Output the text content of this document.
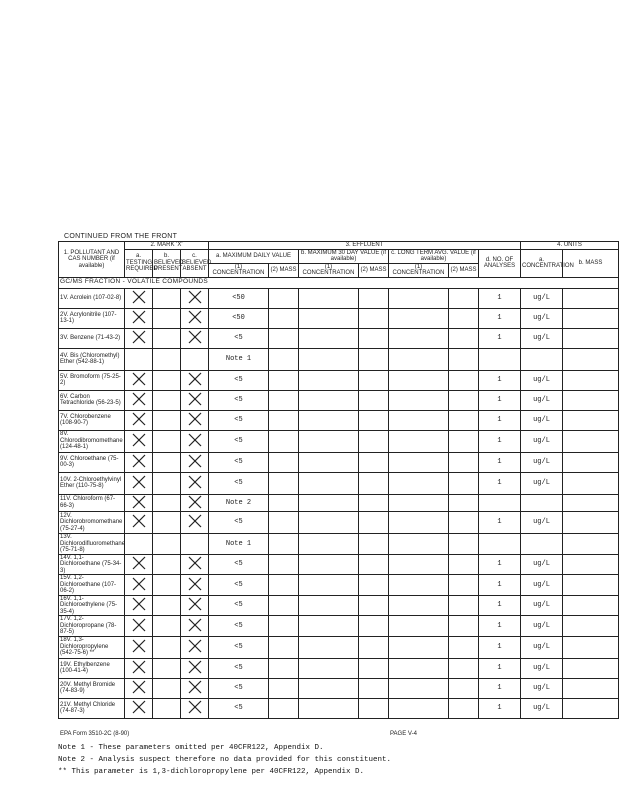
CONTINUED FROM THE FRONT
1. POLLUTANT AND CAS NUMBER (if available)	2. MARK 'X'			3. EFFLUENT							4. UNITS	
	a. TESTING REQUIRED	b. BELIEVED PRESENT	c. BELIEVED ABSENT	a. MAXIMUM DAILY VALUE		b. MAXIMUM 30 DAY VALUE (if available)		c. LONG TERM AVG. VALUE (if available)		d. NO. OF ANALYSES	a. CONCENTRATION	b. MASS
				(1) CONCENTRATION	(2) MASS	(1) CONCENTRATION	(2) MASS	(1) CONCENTRATION	(2) MASS			
GC/MS FRACTION - VOLATILE COMPOUNDS												
1V. Acrolein (107-02-8)				<50						1	ug/L	
2V. Acrylonitrile (107-13-1)				<50						1	ug/L	
3V. Benzene (71-43-2)				<5						1	ug/L	
4V. Bis (Chloromethyl) Ether (542-88-1)				Note 1								
5V. Bromoform (75-25-2)				<5						1	ug/L	
6V. Carbon Tetrachloride (56-23-5)				<5						1	ug/L	
7V. Chlorobenzene (108-90-7)				<5						1	ug/L	
8V. Chlorodibromomethane (124-48-1)				<5						1	ug/L	
9V. Chloroethane (75-00-3)				<5						1	ug/L	
10V. 2-Chloroethylvinyl Ether (110-75-8)				<5						1	ug/L	
11V. Chloroform (67-66-3)				Note 2								
12V. Dichlorobromomethane (75-27-4)				<5						1	ug/L	
13V. Dichlorodifluoromethane (75-71-8)				Note 1								
14V. 1,1-Dichloroethane (75-34-3)				<5						1	ug/L	
15V. 1,2-Dichloroethane (107-06-2)				<5						1	ug/L	
16V. 1,1-Dichloroethylene (75-35-4)				<5						1	ug/L	
17V. 1,2-Dichloropropane (78-87-5)				<5						1	ug/L	
18V. 1,3-Dichloropropylene (542-75-6) **				<5						1	ug/L	
19V. Ethylbenzene (100-41-4)				<5						1	ug/L	
20V. Methyl Bromide (74-83-9)				<5						1	ug/L	
21V. Methyl Chloride (74-87-3)				<5						1	ug/L	
EPA Form 3510-2C (8-90)	PAGE V-4
Note 1 - These parameters omitted per 40CFR122, Appendix D.
Note 2 - Analysis suspect therefore no data provided for this constituent.
** This parameter is 1,3-dichloropropylene per 40CFR122, Appendix D.
